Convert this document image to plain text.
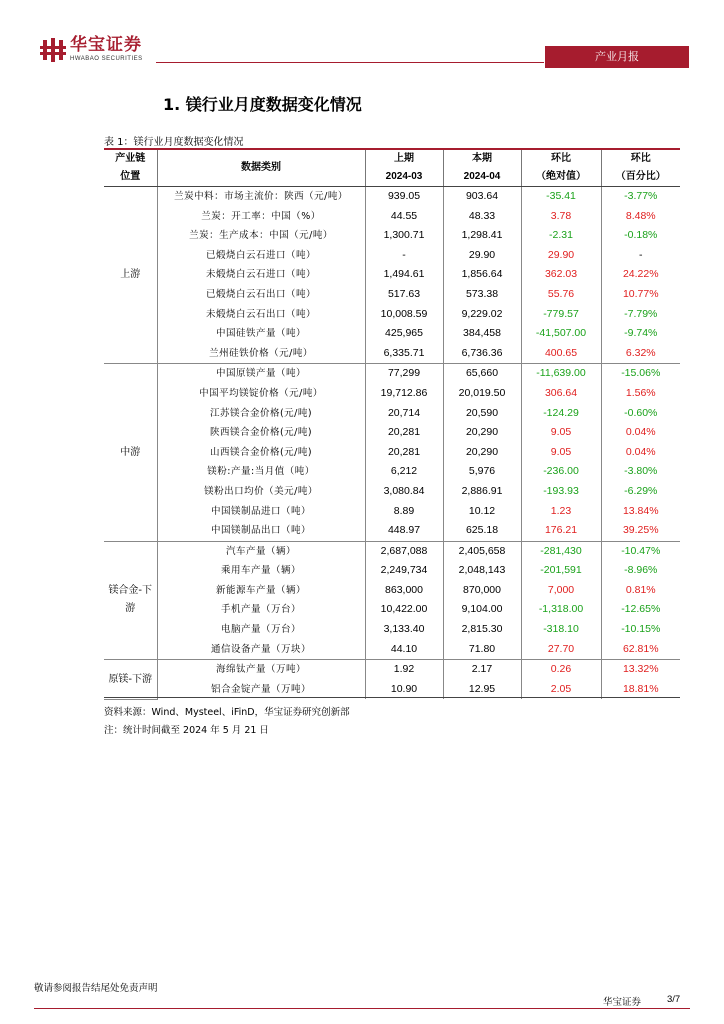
华宝证券
HWABAO SECURITIES	产业月报
1. 镁行业月度数据变化情况
表 1：镁行业月度数据变化情况
产业链	数据类别	上期	本期	环比	环比
位置		2024-03	2024-04	（绝对值）	（百分比）
上游	兰炭中料：市场主流价：陕西（元/吨）	939.05	903.64	-35.41	-3.77%
	兰炭：开工率：中国（%）	44.55	48.33	3.78	8.48%
	兰炭：生产成本：中国（元/吨）	1,300.71	1,298.41	-2.31	-0.18%
	已煅烧白云石进口（吨）	-	29.90	29.90	-
	未煅烧白云石进口（吨）	1,494.61	1,856.64	362.03	24.22%
	已煅烧白云石出口（吨）	517.63	573.38	55.76	10.77%
	未煅烧白云石出口（吨）	10,008.59	9,229.02	-779.57	-7.79%
	中国硅铁产量（吨）	425,965	384,458	-41,507.00	-9.74%
	兰州硅铁价格（元/吨）	6,335.71	6,736.36	400.65	6.32%
中游	中国原镁产量（吨）	77,299	65,660	-11,639.00	-15.06%
	中国平均镁锭价格（元/吨）	19,712.86	20,019.50	306.64	1.56%
	江苏镁合金价格(元/吨)	20,714	20,590	-124.29	-0.60%
	陕西镁合金价格(元/吨)	20,281	20,290	9.05	0.04%
	山西镁合金价格(元/吨)	20,281	20,290	9.05	0.04%
	镁粉:产量:当月值（吨）	6,212	5,976	-236.00	-3.80%
	镁粉出口均价（美元/吨）	3,080.84	2,886.91	-193.93	-6.29%
	中国镁制品进口（吨）	8.89	10.12	1.23	13.84%
	中国镁制品出口（吨）	448.97	625.18	176.21	39.25%
镁合金-下游	汽车产量（辆）	2,687,088	2,405,658	-281,430	-10.47%
	乘用车产量（辆）	2,249,734	2,048,143	-201,591	-8.96%
	新能源车产量（辆）	863,000	870,000	7,000	0.81%
	手机产量（万台）	10,422.00	9,104.00	-1,318.00	-12.65%
	电脑产量（万台）	3,133.40	2,815.30	-318.10	-10.15%
	通信设备产量（万块）	44.10	71.80	27.70	62.81%
原镁-下游	海绵钛产量（万吨）	1.92	2.17	0.26	13.32%
	铝合金锭产量（万吨）	10.90	12.95	2.05	18.81%
资料来源：Wind、Mysteel、iFinD，华宝证券研究创新部
注：统计时间截至 2024 年 5 月 21 日
敬请参阅报告结尾处免责声明
华宝证券	3/7
